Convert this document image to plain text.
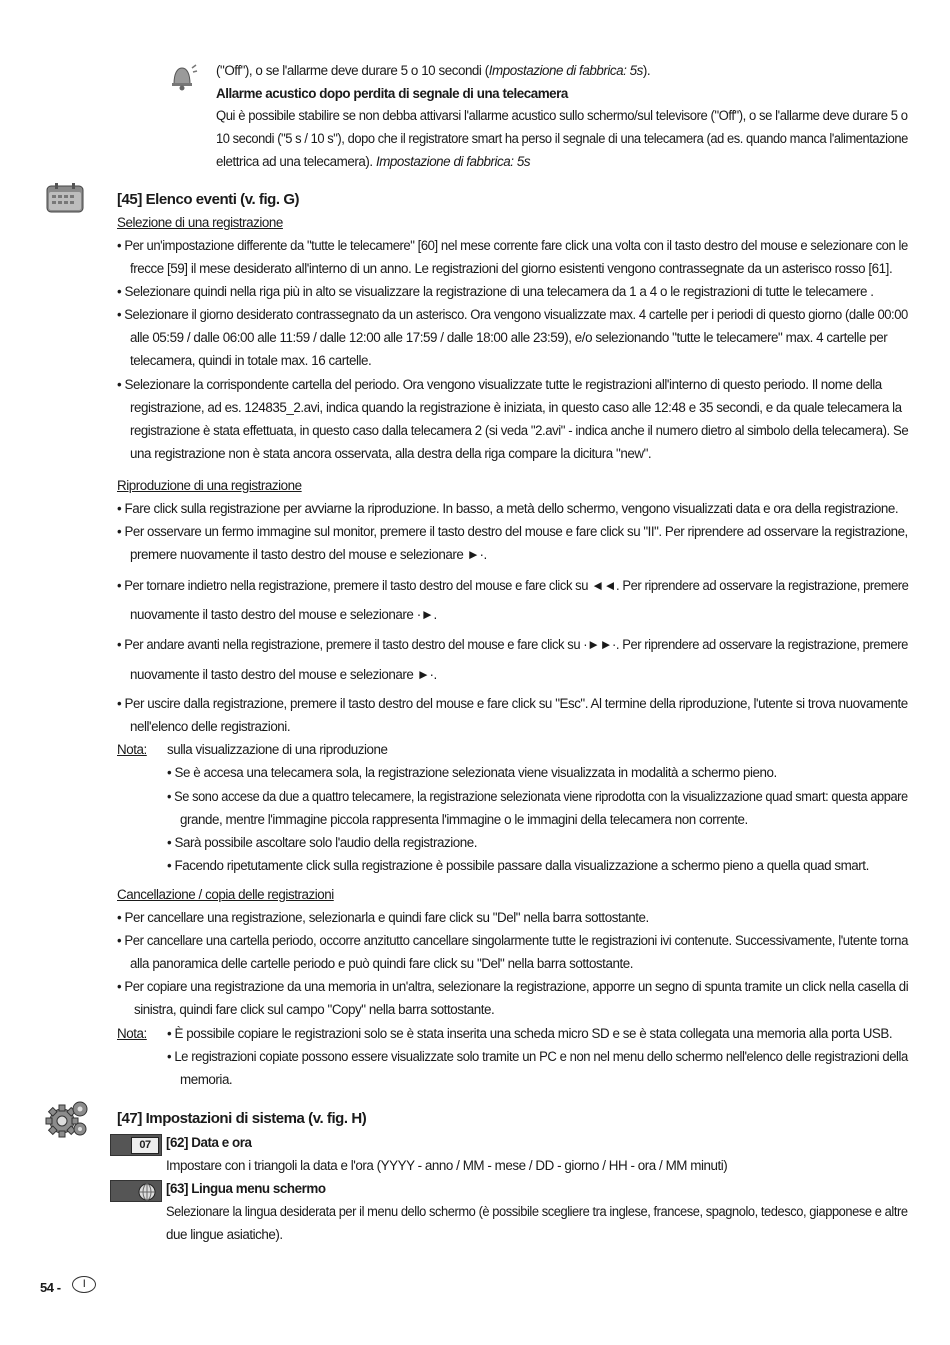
("Off"), o se l'allarme deve durare 5 o 10 secondi (Impostazione di fabbrica: 5s).
Allarme acustico dopo perdita di segnale di una telecamera
Qui è possibile stabilire se non debba attivarsi l'allarme acustico sullo schermo/sul televisore ("Off"), o se l'allarme deve durare 5 o
10 secondi ("5 s / 10 s"), dopo che il registratore smart ha perso il segnale di una telecamera (ad es. quando manca l'alimentazione
elettrica ad una telecamera). Impostazione di fabbrica: 5s
[45] Elenco eventi (v. fig. G)
Selezione di una registrazione
• Per un'impostazione differente da "tutte le telecamere" [60] nel mese corrente fare click una volta con il tasto destro del mouse e selezionare con le
frecce [59] il mese desiderato all'interno di un anno. Le registrazioni del giorno esistenti vengono contrassegnate da un asterisco rosso [61].
• Selezionare quindi nella riga più in alto se visualizzare la registrazione di una telecamera da 1 a 4 o le registrazioni di tutte le telecamere .
• Selezionare il giorno desiderato contrassegnato da un asterisco. Ora vengono visualizzate max. 4 cartelle per i periodi di questo giorno (dalle 00:00
alle 05:59 / dalle 06:00 alle 11:59 / dalle 12:00 alle 17:59 / dalle 18:00 alle 23:59), e/o selezionando "tutte le telecamere" max. 4 cartelle per
telecamera, quindi in totale max. 16 cartelle.
• Selezionare la corrispondente cartella del periodo. Ora vengono visualizzate tutte le registrazioni all'interno di questo periodo. Il nome della
registrazione, ad es. 124835_2.avi, indica quando la registrazione è iniziata, in questo caso alle 12:48 e 35 secondi, e da quale telecamera la
registrazione è stata effettuata, in questo caso dalla telecamera 2 (si veda "2.avi" - indica anche il numero dietro al simbolo della telecamera). Se
una registrazione non è stata ancora osservata, alla destra della riga compare la dicitura "new".
Riproduzione di una registrazione
• Fare click sulla registrazione per avviarne la riproduzione. In basso, a metà dello schermo, vengono visualizzati data e ora della registrazione.
• Per osservare un fermo immagine sul monitor, premere il tasto destro del mouse e fare click su "II". Per riprendere ad osservare la registrazione,
premere nuovamente il tasto destro del mouse e selezionare ►·.
• Per tornare indietro nella registrazione, premere il tasto destro del mouse e fare click su ◄◄. Per riprendere ad osservare la registrazione, premere
nuovamente il tasto destro del mouse e selezionare ·►.
• Per andare avanti nella registrazione, premere il tasto destro del mouse e fare click su ·►►·. Per riprendere ad osservare la registrazione, premere
nuovamente il tasto destro del mouse e selezionare ►·.
• Per uscire dalla registrazione, premere il tasto destro del mouse e fare click su "Esc". Al termine della riproduzione, l'utente si trova nuovamente
nell'elenco delle registrazioni.
Nota: sulla visualizzazione di una riproduzione
• Se è accesa una telecamera sola, la registrazione selezionata viene visualizzata in modalità a schermo pieno.
• Se sono accese da due a quattro telecamere, la registrazione selezionata viene riprodotta con la visualizzazione quad smart: questa appare
grande, mentre l'immagine piccola rappresenta l'immagine o le immagini della telecamera non corrente.
• Sarà possibile ascoltare solo l'audio della registrazione.
• Facendo ripetutamente click sulla registrazione è possibile passare dalla visualizzazione a schermo pieno a quella quad smart.
Cancellazione / copia delle registrazioni
• Per cancellare una registrazione, selezionarla e quindi fare click su "Del" nella barra sottostante.
• Per cancellare una cartella periodo, occorre anzitutto cancellare singolarmente tutte le registrazioni ivi contenute. Successivamente, l'utente torna
alla panoramica delle cartelle periodo e può quindi fare click su "Del" nella barra sottostante.
• Per copiare una registrazione da una memoria in un'altra, selezionare la registrazione, apporre un segno di spunta tramite un click nella casella di
sinistra, quindi fare click sul campo "Copy" nella barra sottostante.
Nota: • È possibile copiare le registrazioni solo se è stata inserita una scheda micro SD e se è stata collegata una memoria alla porta USB.
• Le registrazioni copiate possono essere visualizzate solo tramite un PC e non nel menu dello schermo nell'elenco delle registrazioni della
memoria.
[47] Impostazioni di sistema (v. fig. H)
07	[62] Data e ora
Impostare con i triangoli la data e l'ora (YYYY - anno / MM - mese / DD - giorno / HH - ora / MM minuti)
[63] Lingua menu schermo
Selezionare la lingua desiderata per il menu dello schermo (è possibile scegliere tra inglese, francese, spagnolo, tedesco, giapponese e altre
due lingue asiatiche).
54 -	I
